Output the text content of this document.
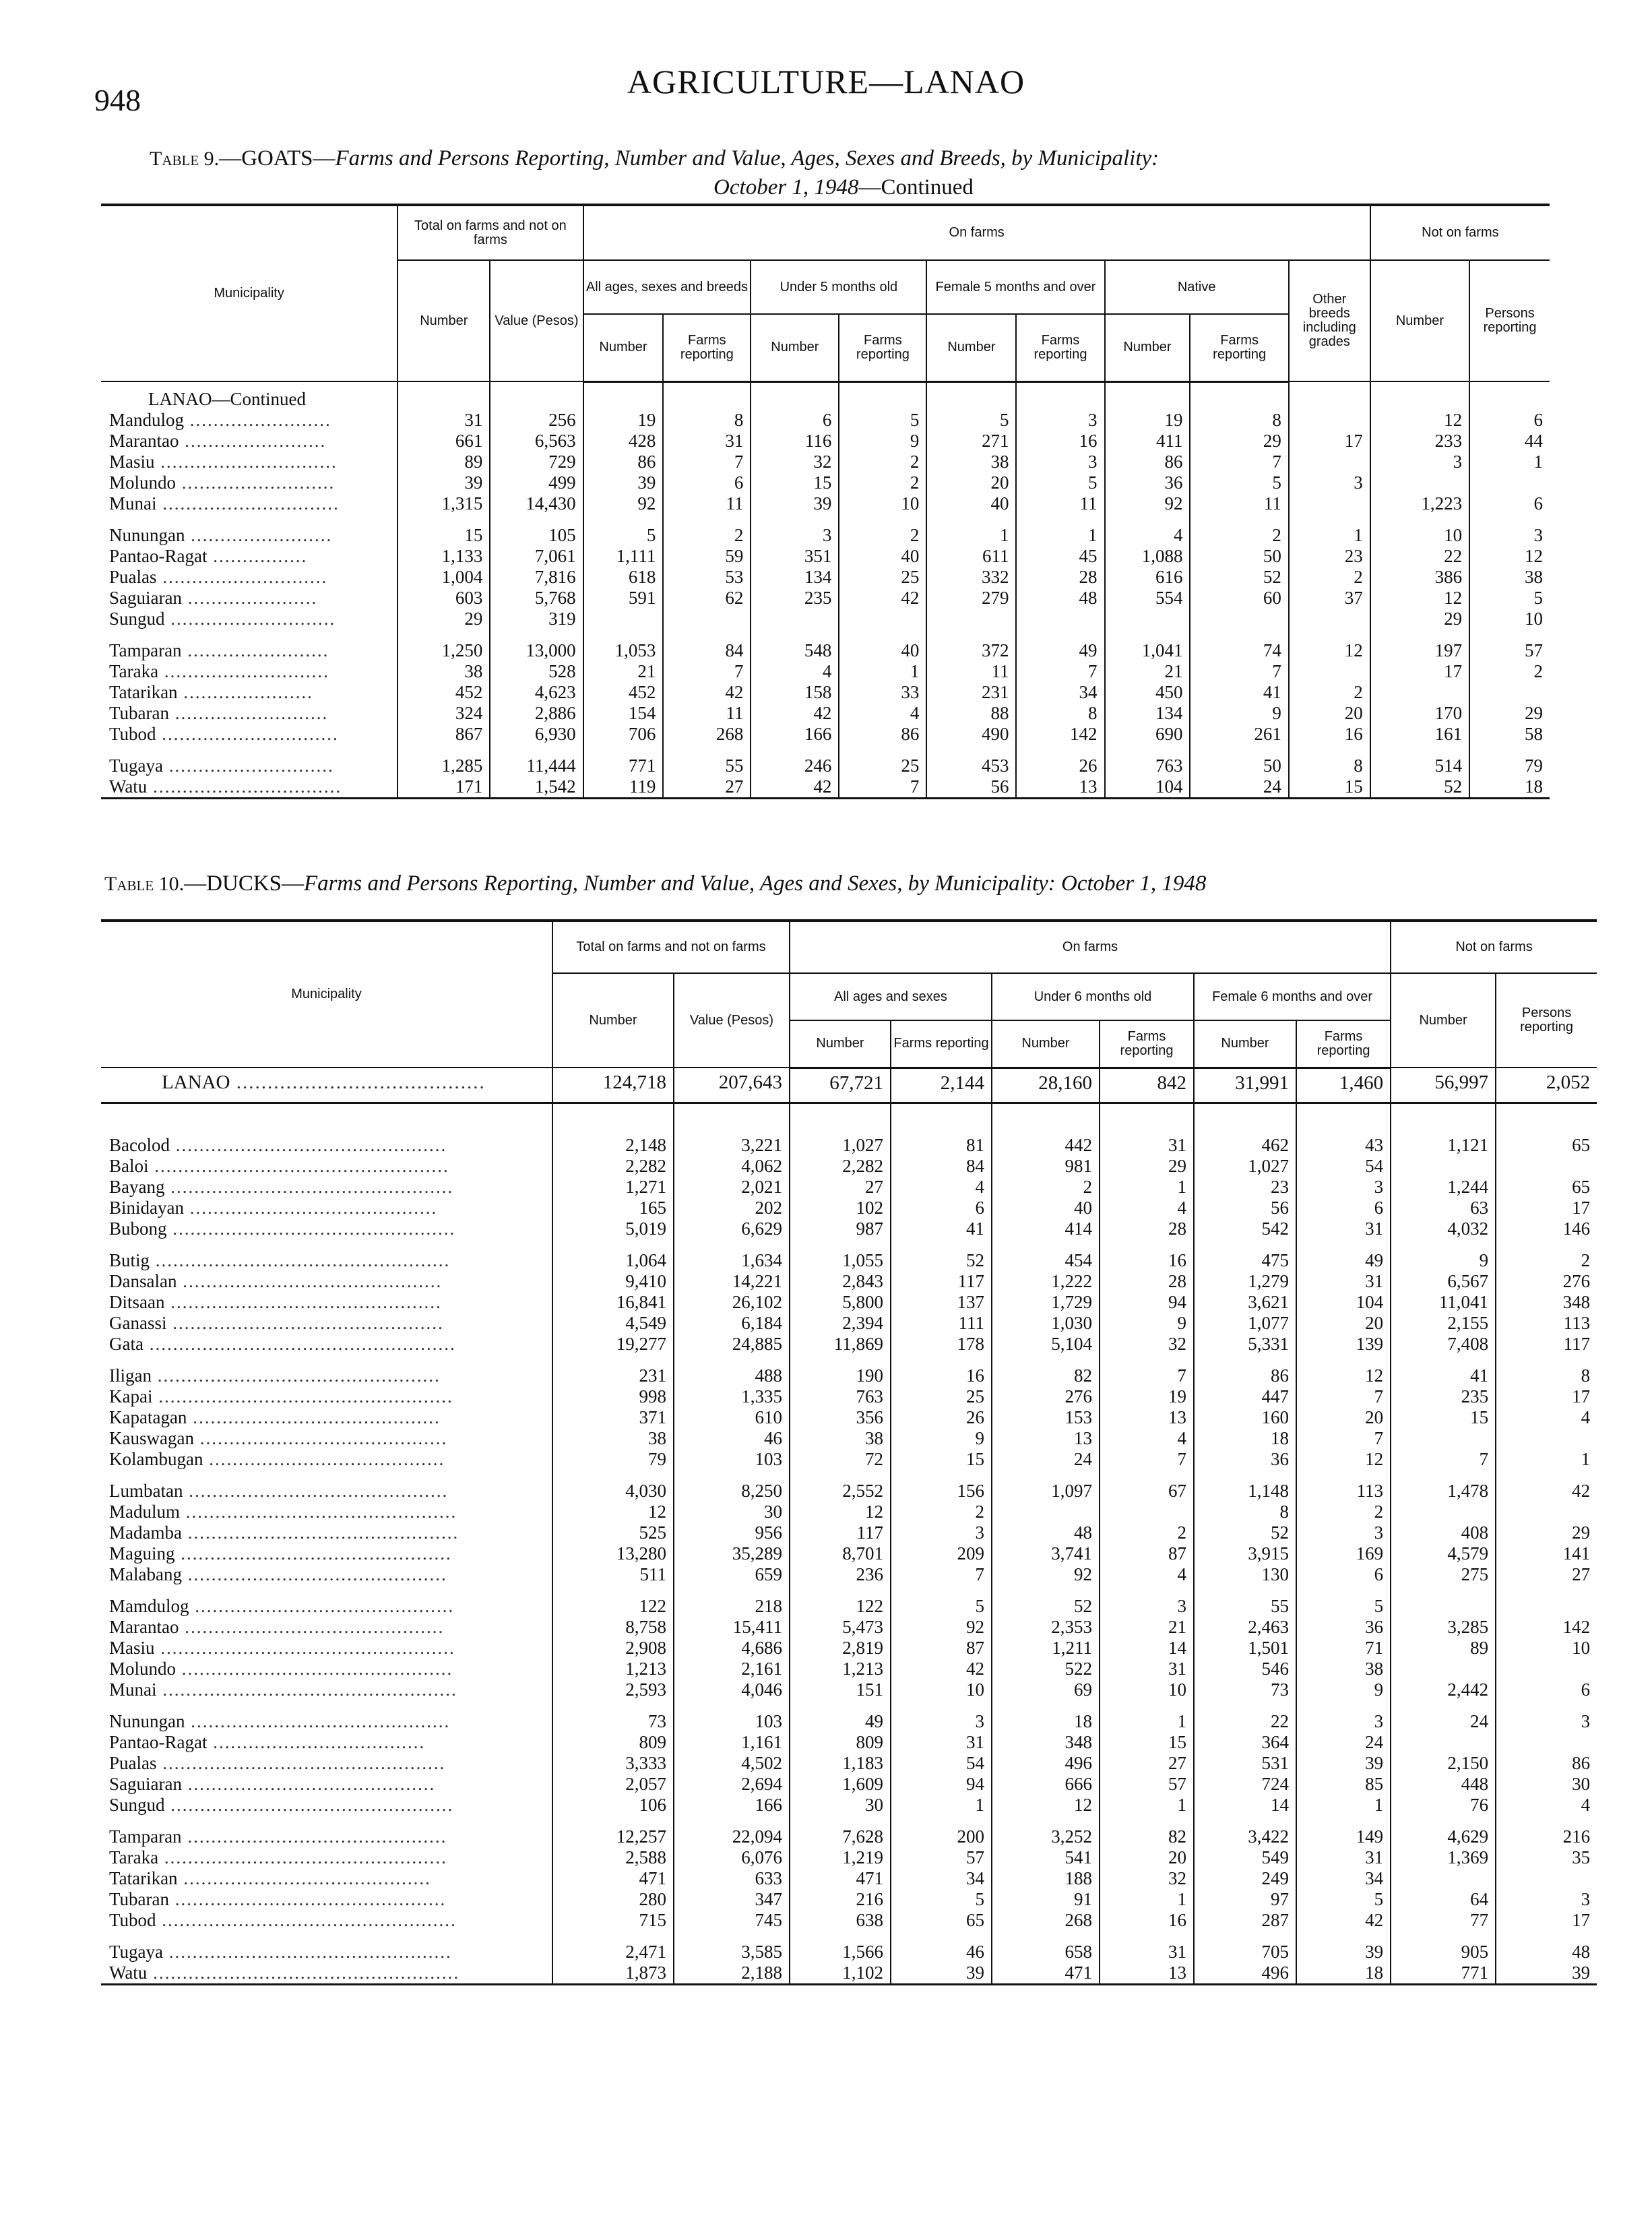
948	AGRICULTURE—LANAO
Table 9.—GOATS—Farms and Persons Reporting, Number and Value, Ages, Sexes and Breeds, by Municipality:
October 1, 1948—Continued
Municipality	Total on farms and not on farms		On farms									Not on farms	
	Number	Value (Pesos)	All ages, sexes and breeds		Under 5 months old		Female 5 months and over		Native		Other breeds including grades	Number	Persons reporting
			Number	Farms reporting	Number	Farms reporting	Number	Farms reporting	Number	Farms reporting			
LANAO—Continued													
Mandulog ........................	31	256	19	8	6	5	5	3	19	8		12	6
Marantao ........................	661	6,563	428	31	116	9	271	16	411	29	17	233	44
Masiu ..............................	89	729	86	7	32	2	38	3	86	7		3	1
Molundo ..........................	39	499	39	6	15	2	20	5	36	5	3		
Munai ..............................	1,315	14,430	92	11	39	10	40	11	92	11		1,223	6
Nunungan ........................	15	105	5	2	3	2	1	1	4	2	1	10	3
Pantao-Ragat ................	1,133	7,061	1,111	59	351	40	611	45	1,088	50	23	22	12
Pualas ............................	1,004	7,816	618	53	134	25	332	28	616	52	2	386	38
Saguiaran ......................	603	5,768	591	62	235	42	279	48	554	60	37	12	5
Sungud ............................	29	319										29	10
Tamparan ........................	1,250	13,000	1,053	84	548	40	372	49	1,041	74	12	197	57
Taraka ............................	38	528	21	7	4	1	11	7	21	7		17	2
Tatarikan ......................	452	4,623	452	42	158	33	231	34	450	41	2		
Tubaran ..........................	324	2,886	154	11	42	4	88	8	134	9	20	170	29
Tubod ..............................	867	6,930	706	268	166	86	490	142	690	261	16	161	58
Tugaya ............................	1,285	11,444	771	55	246	25	453	26	763	50	8	514	79
Watu ................................	171	1,542	119	27	42	7	56	13	104	24	15	52	18
Table 10.—DUCKS—Farms and Persons Reporting, Number and Value, Ages and Sexes, by Municipality: October 1, 1948
Municipality	Total on farms and not on farms		On farms						Not on farms	
	Number	Value (Pesos)	All ages and sexes		Under 6 months old		Female 6 months and over		Number	Persons reporting
			Number	Farms reporting	Number	Farms reporting	Number	Farms reporting		
LANAO ........................................	124,718	207,643	67,721	2,144	28,160	842	31,991	1,460	56,997	2,052
Bacolod ..............................................	2,148	3,221	1,027	81	442	31	462	43	1,121	65
Baloi ..................................................	2,282	4,062	2,282	84	981	29	1,027	54		
Bayang ................................................	1,271	2,021	27	4	2	1	23	3	1,244	65
Binidayan ..........................................	165	202	102	6	40	4	56	6	63	17
Bubong ................................................	5,019	6,629	987	41	414	28	542	31	4,032	146
Butig ..................................................	1,064	1,634	1,055	52	454	16	475	49	9	2
Dansalan ............................................	9,410	14,221	2,843	117	1,222	28	1,279	31	6,567	276
Ditsaan ..............................................	16,841	26,102	5,800	137	1,729	94	3,621	104	11,041	348
Ganassi ..............................................	4,549	6,184	2,394	111	1,030	9	1,077	20	2,155	113
Gata ....................................................	19,277	24,885	11,869	178	5,104	32	5,331	139	7,408	117
Iligan ................................................	231	488	190	16	82	7	86	12	41	8
Kapai ..................................................	998	1,335	763	25	276	19	447	7	235	17
Kapatagan ..........................................	371	610	356	26	153	13	160	20	15	4
Kauswagan ..........................................	38	46	38	9	13	4	18	7		
Kolambugan ........................................	79	103	72	15	24	7	36	12	7	1
Lumbatan ............................................	4,030	8,250	2,552	156	1,097	67	1,148	113	1,478	42
Madulum ..............................................	12	30	12	2			8	2		
Madamba ..............................................	525	956	117	3	48	2	52	3	408	29
Maguing ..............................................	13,280	35,289	8,701	209	3,741	87	3,915	169	4,579	141
Malabang ............................................	511	659	236	7	92	4	130	6	275	27
Mamdulog ............................................	122	218	122	5	52	3	55	5		
Marantao ............................................	8,758	15,411	5,473	92	2,353	21	2,463	36	3,285	142
Masiu ..................................................	2,908	4,686	2,819	87	1,211	14	1,501	71	89	10
Molundo ..............................................	1,213	2,161	1,213	42	522	31	546	38		
Munai ..................................................	2,593	4,046	151	10	69	10	73	9	2,442	6
Nunungan ............................................	73	103	49	3	18	1	22	3	24	3
Pantao-Ragat ....................................	809	1,161	809	31	348	15	364	24		
Pualas ................................................	3,333	4,502	1,183	54	496	27	531	39	2,150	86
Saguiaran ..........................................	2,057	2,694	1,609	94	666	57	724	85	448	30
Sungud ................................................	106	166	30	1	12	1	14	1	76	4
Tamparan ............................................	12,257	22,094	7,628	200	3,252	82	3,422	149	4,629	216
Taraka ................................................	2,588	6,076	1,219	57	541	20	549	31	1,369	35
Tatarikan ..........................................	471	633	471	34	188	32	249	34		
Tubaran ..............................................	280	347	216	5	91	1	97	5	64	3
Tubod ..................................................	715	745	638	65	268	16	287	42	77	17
Tugaya ................................................	2,471	3,585	1,566	46	658	31	705	39	905	48
Watu ....................................................	1,873	2,188	1,102	39	471	13	496	18	771	39
